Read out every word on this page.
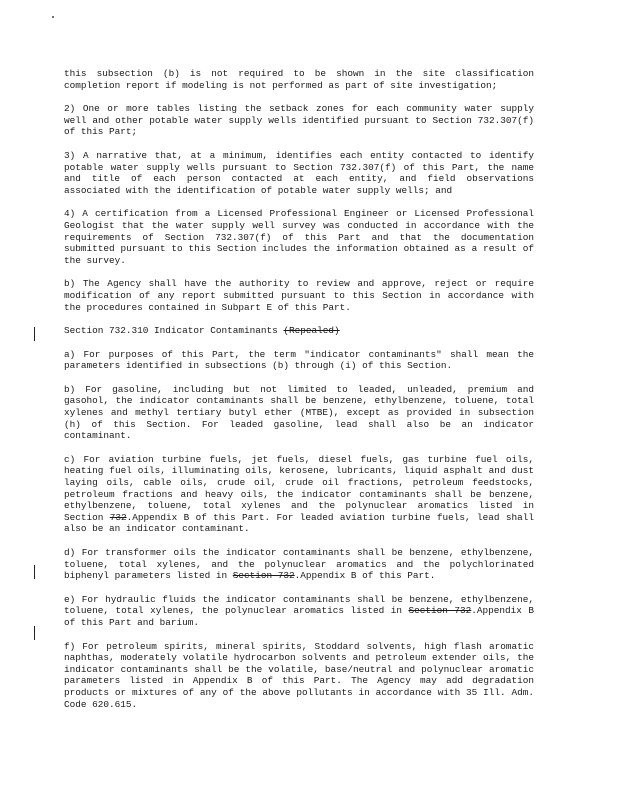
this subsection (b) is not required to be shown in the site classification completion report if modeling is not performed as part of site investigation;

2) One or more tables listing the setback zones for each community water supply well and other potable water supply wells identified pursuant to Section 732.307(f) of this Part;

3) A narrative that, at a minimum, identifies each entity contacted to identify potable water supply wells pursuant to Section 732.307(f) of this Part, the name and title of each person contacted at each entity, and field observations associated with the identification of potable water supply wells; and

4) A certification from a Licensed Professional Engineer or Licensed Professional Geologist that the water supply well survey was conducted in accordance with the requirements of Section 732.307(f) of this Part and that the documentation submitted pursuant to this Section includes the information obtained as a result of the survey.

b) The Agency shall have the authority to review and approve, reject or require modification of any report submitted pursuant to this Section in accordance with the procedures contained in Subpart E of this Part.

Section 732.310 Indicator Contaminants (Repealed)

a) For purposes of this Part, the term "indicator contaminants" shall mean the parameters identified in subsections (b) through (i) of this Section.

b) For gasoline, including but not limited to leaded, unleaded, premium and gasohol, the indicator contaminants shall be benzene, ethylbenzene, toluene, total xylenes and methyl tertiary butyl ether (MTBE), except as provided in subsection (h) of this Section. For leaded gasoline, lead shall also be an indicator contaminant.

c) For aviation turbine fuels, jet fuels, diesel fuels, gas turbine fuel oils, heating fuel oils, illuminating oils, kerosene, lubricants, liquid asphalt and dust laying oils, cable oils, crude oil, crude oil fractions, petroleum feedstocks, petroleum fractions and heavy oils, the indicator contaminants shall be benzene, ethylbenzene, toluene, total xylenes and the polynuclear aromatics listed in Section 732.Appendix B of this Part. For leaded aviation turbine fuels, lead shall also be an indicator contaminant.

d) For transformer oils the indicator contaminants shall be benzene, ethylbenzene, toluene, total xylenes, and the polynuclear aromatics and the polychlorinated biphenyl parameters listed in Section 732.Appendix B of this Part.

e) For hydraulic fluids the indicator contaminants shall be benzene, ethylbenzene, toluene, total xylenes, the polynuclear aromatics listed in Section 732.Appendix B of this Part and barium.

f) For petroleum spirits, mineral spirits, Stoddard solvents, high flash aromatic naphthas, moderately volatile hydrocarbon solvents and petroleum extender oils, the indicator contaminants shall be the volatile, base/neutral and polynuclear aromatic parameters listed in Appendix B of this Part. The Agency may add degradation products or mixtures of any of the above pollutants in accordance with 35 Ill. Adm. Code 620.615.
